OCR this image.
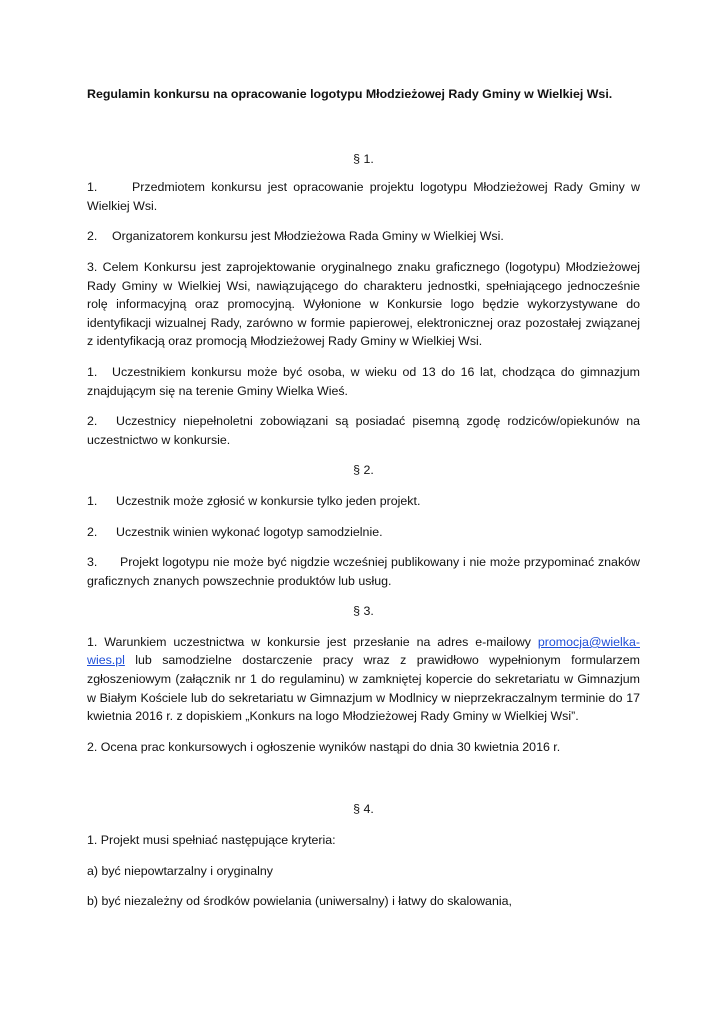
Regulamin konkursu na opracowanie logotypu Młodzieżowej Rady Gminy w Wielkiej Wsi.

§ 1.

1.	Przedmiotem konkursu jest opracowanie projektu logotypu Młodzieżowej Rady Gminy w Wielkiej Wsi.

2. Organizatorem konkursu jest Młodzieżowa Rada Gminy w Wielkiej Wsi.

3. Celem Konkursu jest zaprojektowanie oryginalnego znaku graficznego (logotypu) Młodzieżowej Rady Gminy w Wielkiej Wsi, nawiązującego do charakteru jednostki, spełniającego jednocześnie rolę informacyjną oraz promocyjną. Wyłonione w Konkursie logo będzie wykorzystywane do identyfikacji wizualnej Rady, zarówno w formie papierowej, elektronicznej oraz pozostałej związanej z identyfikacją oraz promocją Młodzieżowej Rady Gminy w Wielkiej Wsi.

1. Uczestnikiem konkursu może być osoba, w wieku od 13 do 16 lat, chodząca do gimnazjum znajdującym się na terenie Gminy Wielka Wieś.

2. Uczestnicy niepełnoletni zobowiązani są posiadać pisemną zgodę rodziców/opiekunów na uczestnictwo w konkursie.

§ 2.

1. Uczestnik może zgłosić w konkursie tylko jeden projekt.

2. Uczestnik winien wykonać logotyp samodzielnie.

3. Projekt logotypu nie może być nigdzie wcześniej publikowany i nie może przypominać znaków graficznych znanych powszechnie produktów lub usług.

§ 3.

1. Warunkiem uczestnictwa w konkursie jest przesłanie na adres e-mailowy promocja@wielka-wies.pl lub samodzielne dostarczenie pracy wraz z prawidłowo wypełnionym formularzem zgłoszeniowym (załącznik nr 1 do regulaminu) w zamkniętej kopercie do sekretariatu w Gimnazjum w Białym Kościele lub do sekretariatu w Gimnazjum w Modlnicy w nieprzekraczalnym terminie do 17 kwietnia 2016 r. z dopiskiem „Konkurs na logo Młodzieżowej Rady Gminy w Wielkiej Wsi”.

2. Ocena prac konkursowych i ogłoszenie wyników nastąpi do dnia 30 kwietnia 2016 r.

§ 4.

1. Projekt musi spełniać następujące kryteria:

a) być niepowtarzalny i oryginalny

b) być niezależny od środków powielania (uniwersalny) i łatwy do skalowania,
